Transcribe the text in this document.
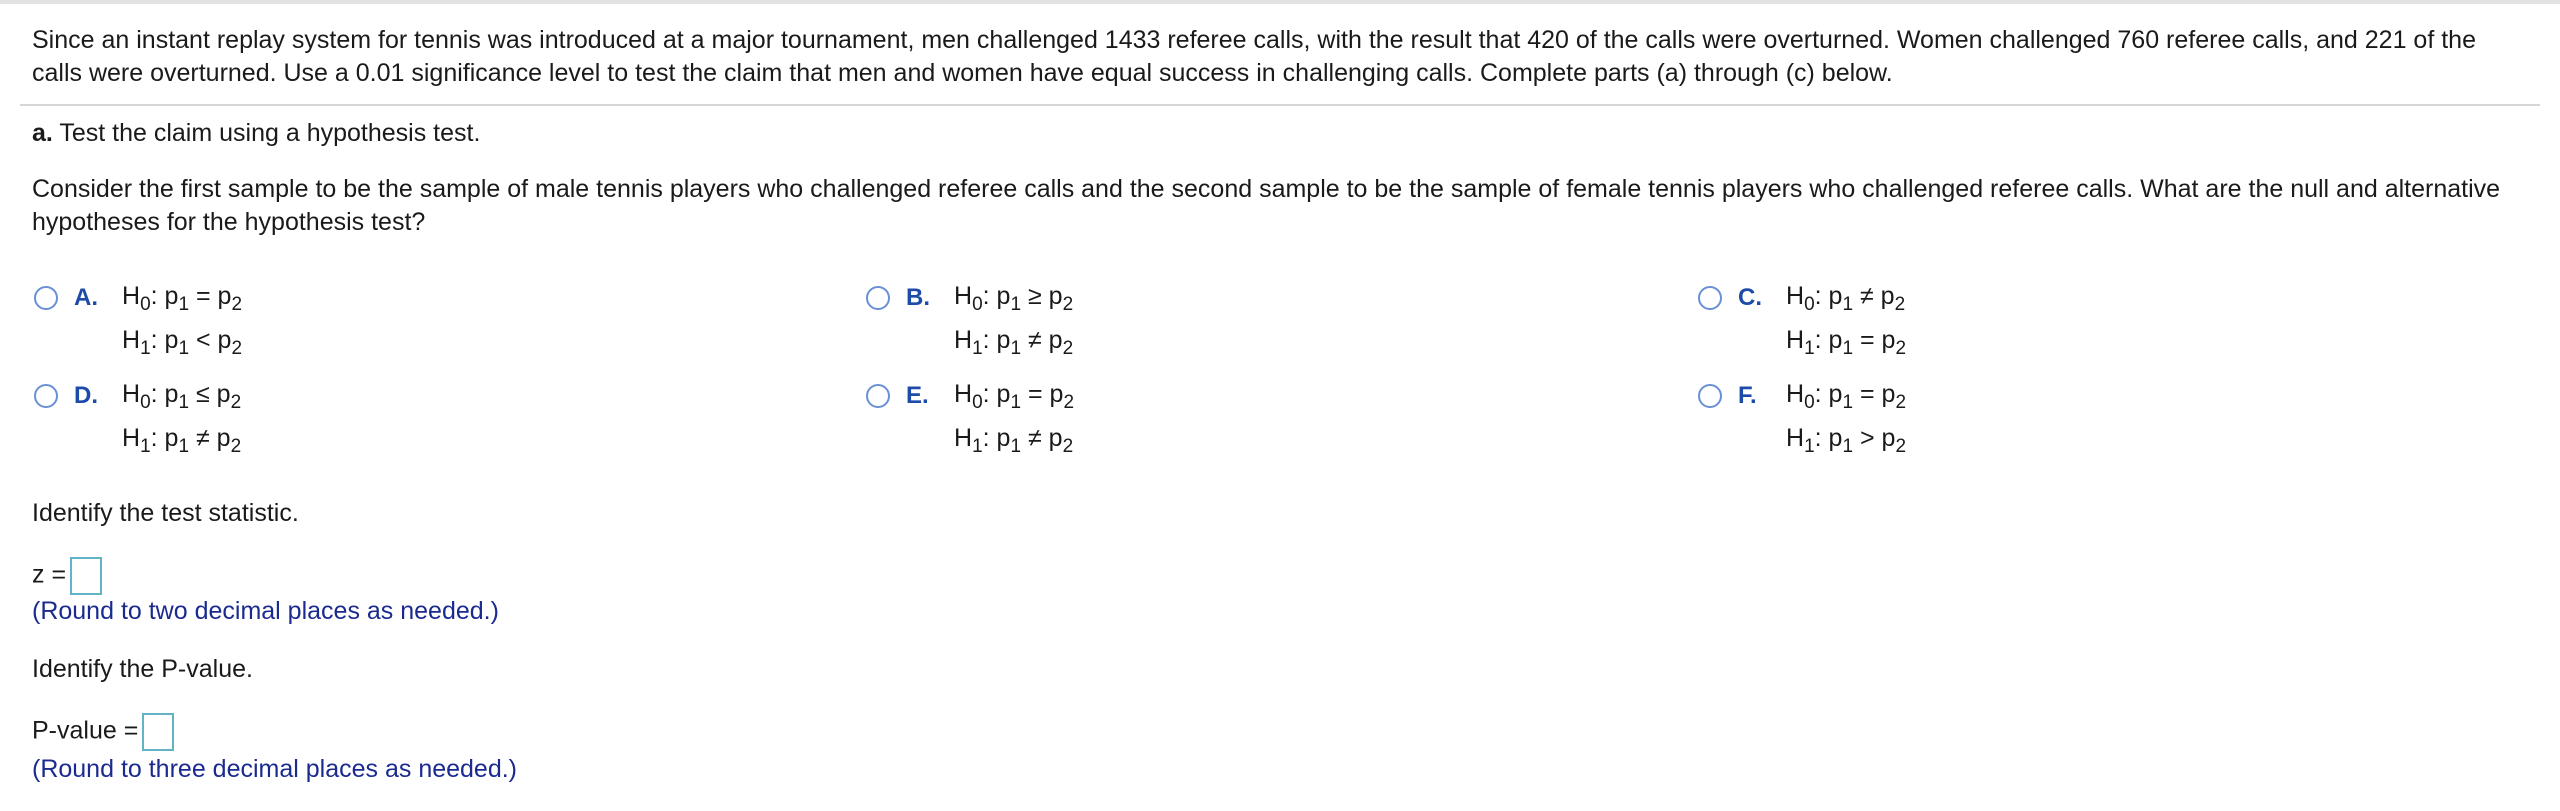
Since an instant replay system for tennis was introduced at a major tournament, men challenged 1433 referee calls, with the result that 420 of the calls were overturned. Women challenged 760 referee calls, and 221 of the calls were overturned. Use a 0.01 significance level to test the claim that men and women have equal success in challenging calls. Complete parts (a) through (c) below.
a. Test the claim using a hypothesis test.
Consider the first sample to be the sample of male tennis players who challenged referee calls and the second sample to be the sample of female tennis players who challenged referee calls. What are the null and alternative hypotheses for the hypothesis test?
A. $H_0$: $p_1 = p_2$
$H_1$: $p_1 < p_2$
B. $H_0$: $p_1 \ge p_2$
$H_1$: $p_1 \ne p_2$
C. $H_0$: $p_1 \ne p_2$
$H_1$: $p_1 = p_2$
D. $H_0$: $p_1 \le p_2$
$H_1$: $p_1 \ne p_2$
E. $H_0$: $p_1 = p_2$
$H_1$: $p_1 \ne p_2$
F. $H_0$: $p_1 = p_2$
$H_1$: $p_1 > p_2$
Identify the test statistic.
z =
(Round to two decimal places as needed.)
Identify the P-value.
P-value =
(Round to three decimal places as needed.)
